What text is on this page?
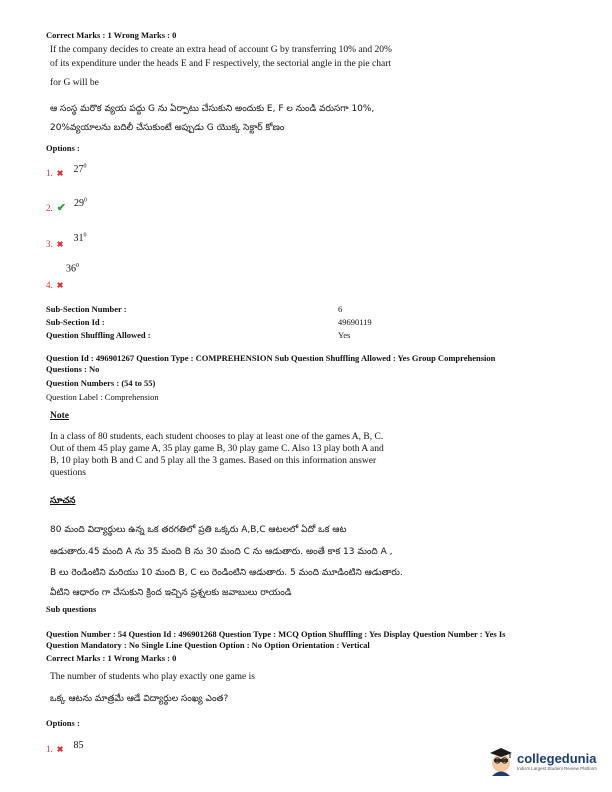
Correct Marks : 1 Wrong Marks : 0
If the company decides to create an extra head of account G by transferring 10% and 20%
of its expenditure under the heads E and F respectively, the sectorial angle in the pie chart
for G will be
ఆ సంస్థ మరొక వ్యయ పద్దు G ను ఏర్పాటు చేసుకుని అందుకు E, F ల నుండి వరుసగా 10%,
20%వ్యయాలను బదిలీ చేసుకుంటే అప్పుడు G యొక్క సెక్టార్ కోణం
Options :
1. ✖ $^{27^0}$
2. ✔ $^{29^0}$
3. ✖ $^{31^0}$
4. ✖
$36^0$
Sub-Section Number :	6
Sub-Section Id :	49690119
Question Shuffling Allowed :	Yes
Question Id : 496901267 Question Type : COMPREHENSION Sub Question Shuffling Allowed : Yes Group Comprehension
Questions : No
Question Numbers : (54 to 55)
Question Label : Comprehension
Note
In a class of 80 students, each student chooses to play at least one of the games A, B, C.
Out of them 45 play game A, 35 play game B, 30 play game C. Also 13 play both A and
B, 10 play both B and C and 5 play all the 3 games. Based on this information answer
questions
సూచన
80 మంది విద్యార్థులు ఉన్న ఒక తరగతిలో ప్రతి ఒక్కరు A,B,C ఆటలలో ఏదో ఒక ఆట
ఆడుతారు.45 మంది A ను 35 మంది B ను 30 మంది C ను ఆడుతారు. అంతే కాక 13 మంది A ,
B లు రెండింటిని మరియు 10 మంది B, C లు రెండింటిని ఆడుతారు. 5 మంది మూడింటిని ఆడుతారు.
వీటిని ఆధారం గా చేసుకుని క్రింద ఇచ్చిన ప్రశ్నలకు జవాబులు రాయండి
Sub questions
Question Number : 54 Question Id : 496901268 Question Type : MCQ Option Shuffling : Yes Display Question Number : Yes Is
Question Mandatory : No Single Line Question Option : No Option Orientation : Vertical
Correct Marks : 1 Wrong Marks : 0
The number of students who play exactly one game is
ఒక్క ఆటను మాత్రమే ఆడే విద్యార్థుల సంఖ్య ఎంత?
Options :
1. ✖ $^{85}$
collegedunia
India's Largest Student Review Platform
